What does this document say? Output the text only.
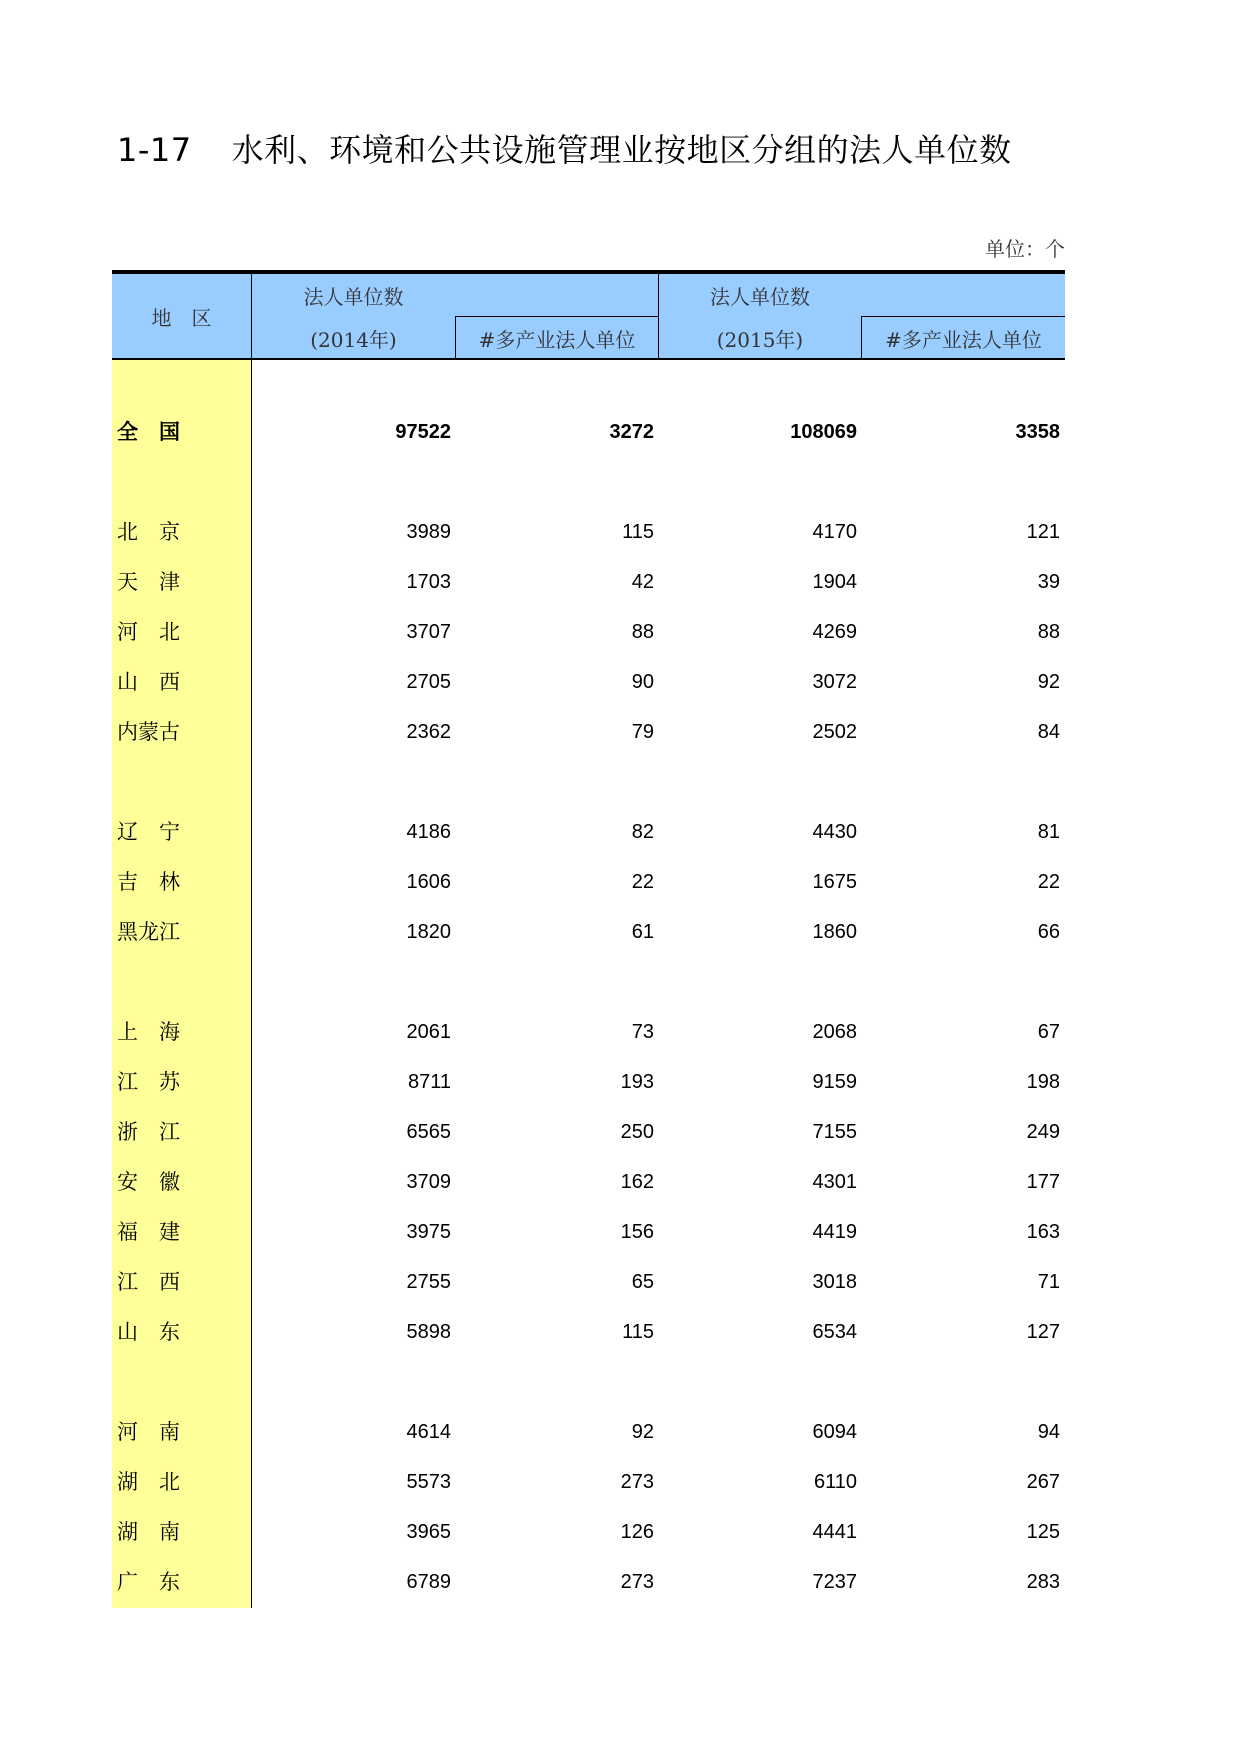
1-17 水利、环境和公共设施管理业按地区分组的法人单位数
单位：个
地　区
法人单位数
(2014年)	#多产业法人单位
法人单位数
(2015年)	#多产业法人单位
全　国	97522	3272	108069	3358
北　京	3989	115	4170	121
天　津	1703	42	1904	39
河　北	3707	88	4269	88
山　西	2705	90	3072	92
内蒙古	2362	79	2502	84
辽　宁	4186	82	4430	81
吉　林	1606	22	1675	22
黑龙江	1820	61	1860	66
上　海	2061	73	2068	67
江　苏	8711	193	9159	198
浙　江	6565	250	7155	249
安　徽	3709	162	4301	177
福　建	3975	156	4419	163
江　西	2755	65	3018	71
山　东	5898	115	6534	127
河　南	4614	92	6094	94
湖　北	5573	273	6110	267
湖　南	3965	126	4441	125
广　东	6789	273	7237	283
